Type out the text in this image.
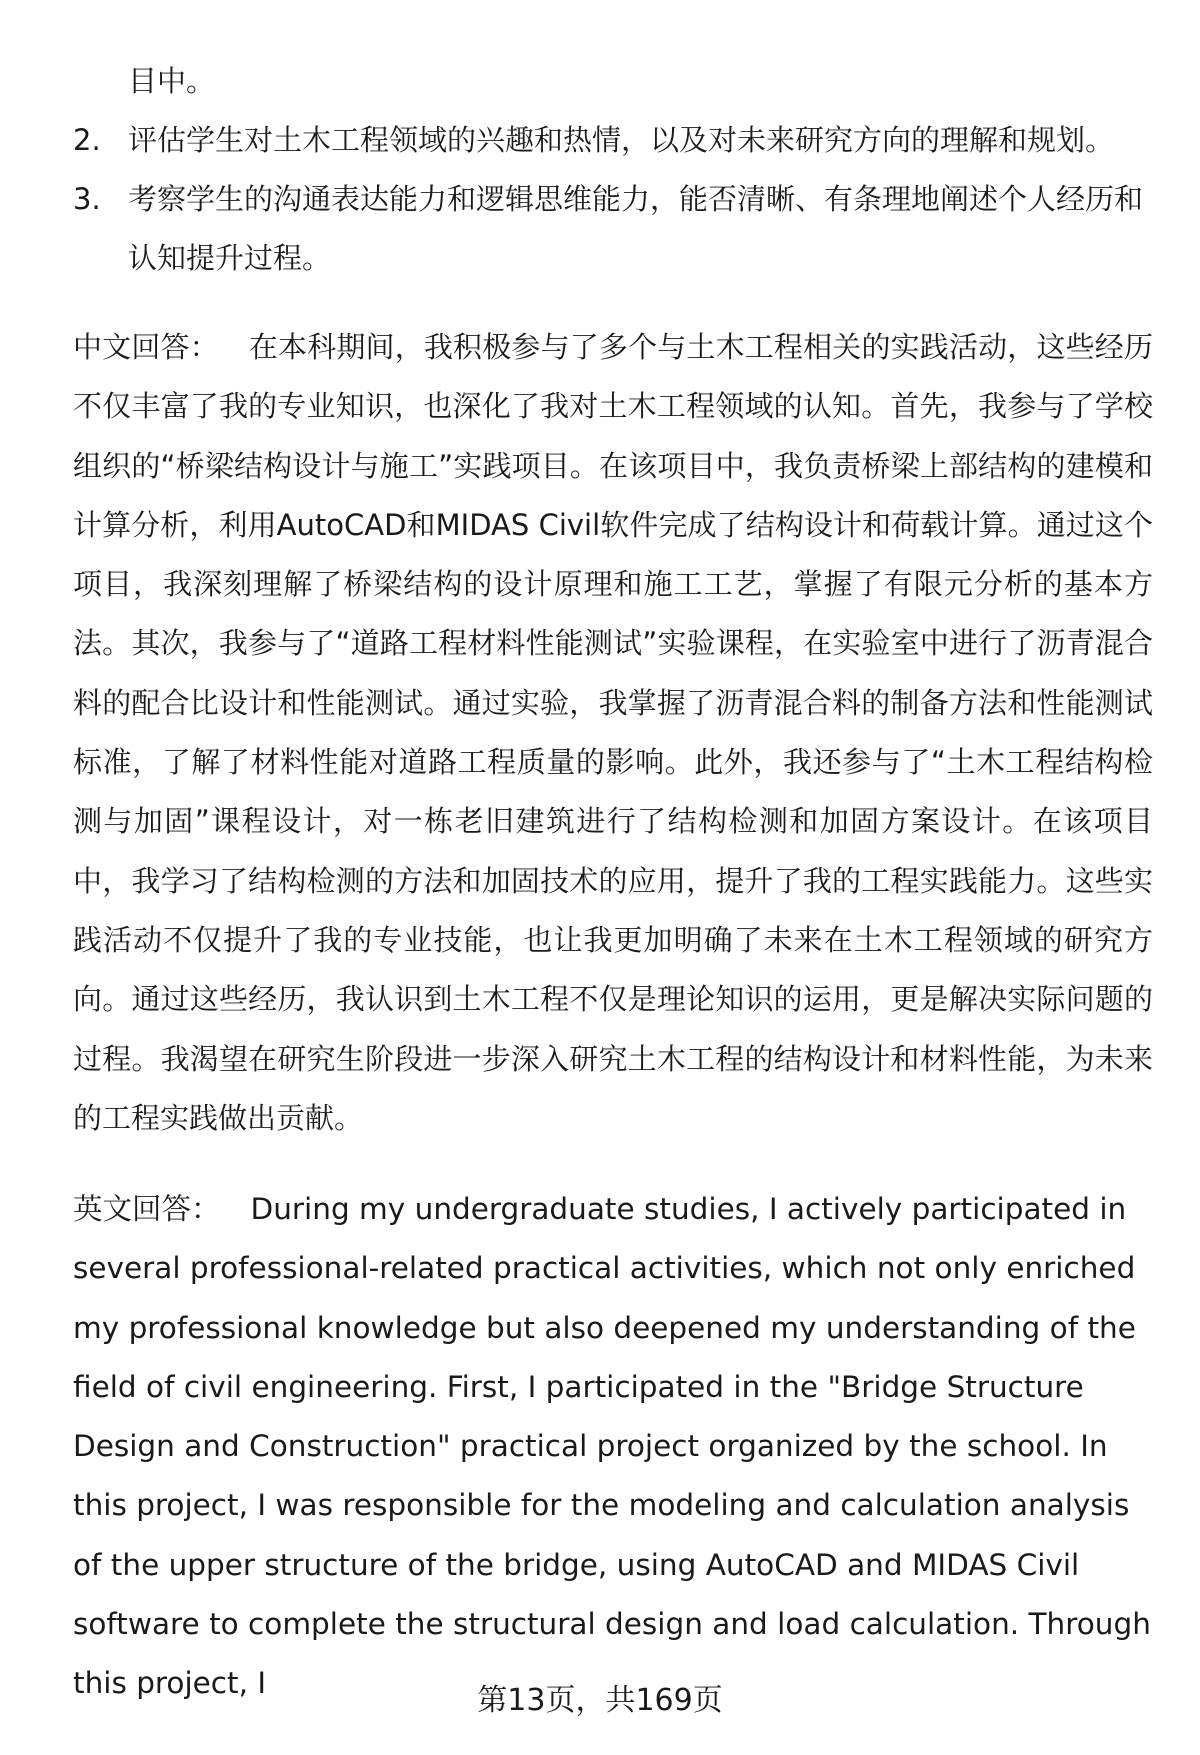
目中。
2. 评估学生对土木工程领域的兴趣和热情，以及对未来研究方向的理解和规划。
3. 考察学生的沟通表达能力和逻辑思维能力，能否清晰、有条理地阐述个人经历和认知提升过程。
中文回答： 在本科期间，我积极参与了多个与土木工程相关的实践活动，这些经历不仅丰富了我的专业知识，也深化了我对土木工程领域的认知。首先，我参与了学校组织的“桥梁结构设计与施工”实践项目。在该项目中，我负责桥梁上部结构的建模和计算分析，利用AutoCAD和MIDAS Civil软件完成了结构设计和荷载计算。通过这个项目，我深刻理解了桥梁结构的设计原理和施工工艺，掌握了有限元分析的基本方法。其次，我参与了“道路工程材料性能测试”实验课程，在实验室中进行了沥青混合料的配合比设计和性能测试。通过实验，我掌握了沥青混合料的制备方法和性能测试标准，了解了材料性能对道路工程质量的影响。此外，我还参与了“土木工程结构检测与加固”课程设计，对一栋老旧建筑进行了结构检测和加固方案设计。在该项目中，我学习了结构检测的方法和加固技术的应用，提升了我的工程实践能力。这些实践活动不仅提升了我的专业技能，也让我更加明确了未来在土木工程领域的研究方向。通过这些经历，我认识到土木工程不仅是理论知识的运用，更是解决实际问题的过程。我渴望在研究生阶段进一步深入研究土木工程的结构设计和材料性能，为未来的工程实践做出贡献。
英文回答： During my undergraduate studies, I actively participated in several professional-related practical activities, which not only enriched my professional knowledge but also deepened my understanding of the field of civil engineering. First, I participated in the "Bridge Structure Design and Construction" practical project organized by the school. In this project, I was responsible for the modeling and calculation analysis of the upper structure of the bridge, using AutoCAD and MIDAS Civil software to complete the structural design and load calculation. Through this project, I	第13页，共169页
